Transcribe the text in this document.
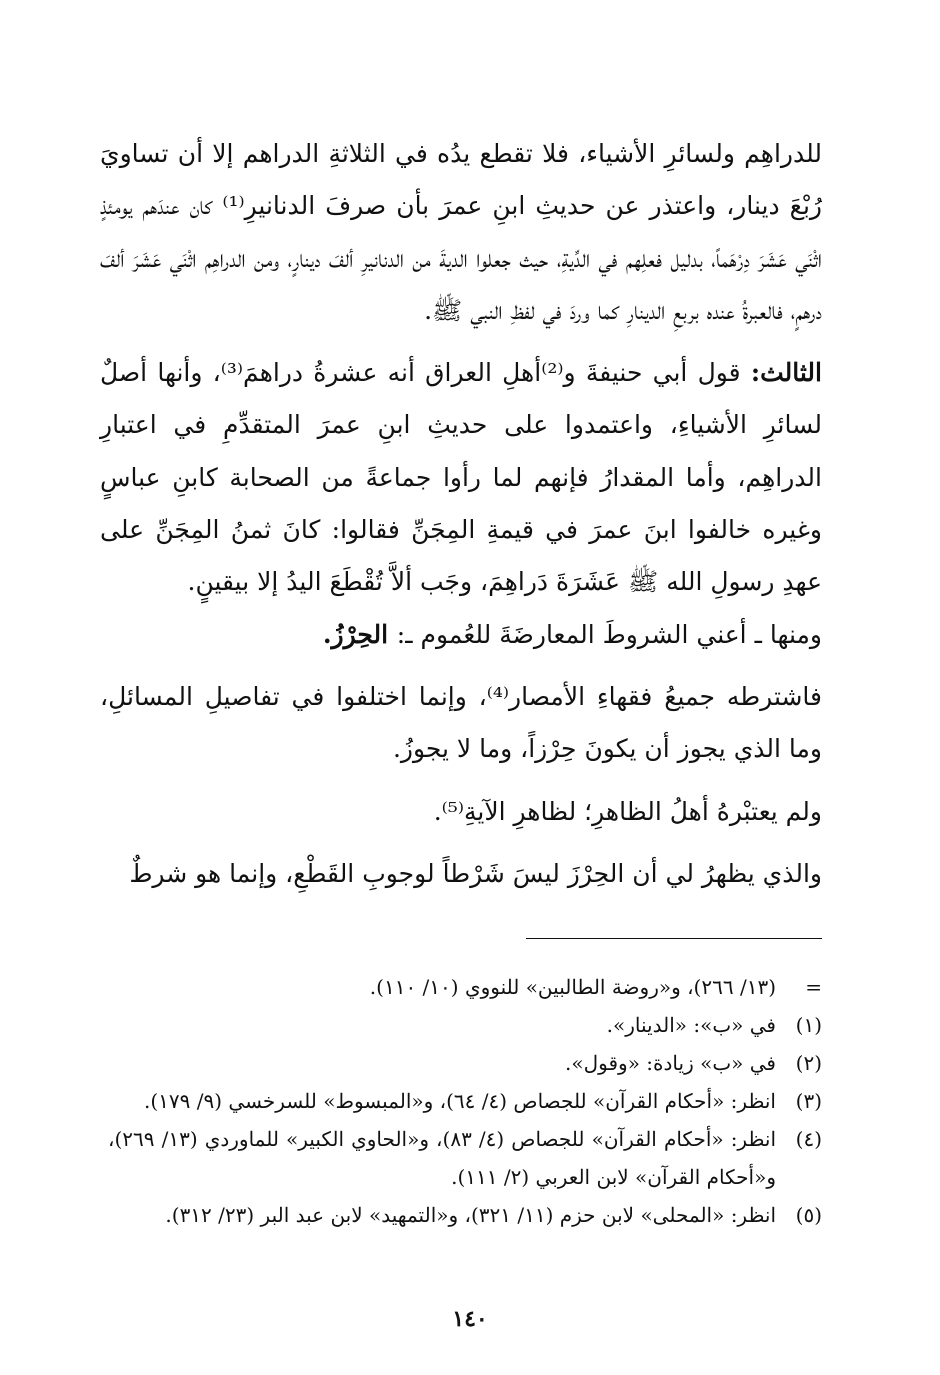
للدراهِم ولسائرِ الأشياء، فلا تقطع يدُه في الثلاثةِ الدراهم إلا أن تساويَ رُبْعَ دينار، واعتذر عن حديثِ ابنِ عمرَ بأن صرفَ الدنانيرِ⁽¹⁾ كان عندَهم يومئذٍ اثْنَي عَشَرَ دِرْهَماً، بدليل فعلِهم في الدِّيةِ، حيث جعلوا الديةَ من الدنانيرِ ألفَ دينارٍ، ومن الدراهِم اثْنَي عَشَرَ ألفَ درهمٍ، فالعبرةُ عنده بربعِ الدينارِ كما وردَ في لفظِ النبي ﷺ.

الثالث: قول أبي حنيفةَ و⁽²⁾أهلِ العراق أنه عشرةُ دراهمَ⁽³⁾، وأنها أصلٌ لسائرِ الأشياءِ، واعتمدوا على حديثِ ابنِ عمرَ المتقدِّمِ في اعتبارِ الدراهِم، وأما المقدارُ فإنهم لما رأوا جماعةً من الصحابة كابنِ عباسٍ وغيره خالفوا ابنَ عمرَ في قيمةِ المِجَنِّ فقالوا: كانَ ثمنُ المِجَنِّ على عهدِ رسولِ الله ﷺ عَشَرَةَ دَراهِمَ، وجَب ألاَّ تُقْطَعَ اليدُ إلا بيقينٍ.

ومنها ـ أعني الشروطَ المعارضَةَ للعُموم ـ: الحِرْزُ.

فاشترطه جميعُ فقهاءِ الأمصار⁽⁴⁾، وإنما اختلفوا في تفاصيلِ المسائلِ، وما الذي يجوز أن يكونَ حِرْزاً، وما لا يجوزُ.

ولم يعتبْرهُ أهلُ الظاهرِ؛ لظاهرِ الآيةِ⁽⁵⁾.

والذي يظهرُ لي أن الحِرْزَ ليسَ شَرْطاً لوجوبِ القَطْعِ، وإنما هو شرطٌ

=
(١٣/ ٢٦٦)، و«روضة الطالبين» للنووي (١٠/ ١١٠).
(١)
في «ب»: «الدينار».
(٢)
في «ب» زيادة: «وقول».
(٣)
انظر: «أحكام القرآن» للجصاص (٤/ ٦٤)، و«المبسوط» للسرخسي (٩/ ١٧٩).
(٤)
انظر: «أحكام القرآن» للجصاص (٤/ ٨٣)، و«الحاوي الكبير» للماوردي (١٣/ ٢٦٩)، و«أحكام القرآن» لابن العربي (٢/ ١١١).
(٥)
انظر: «المحلى» لابن حزم (١١/ ٣٢١)، و«التمهيد» لابن عبد البر (٢٣/ ٣١٢).
١٤٠
